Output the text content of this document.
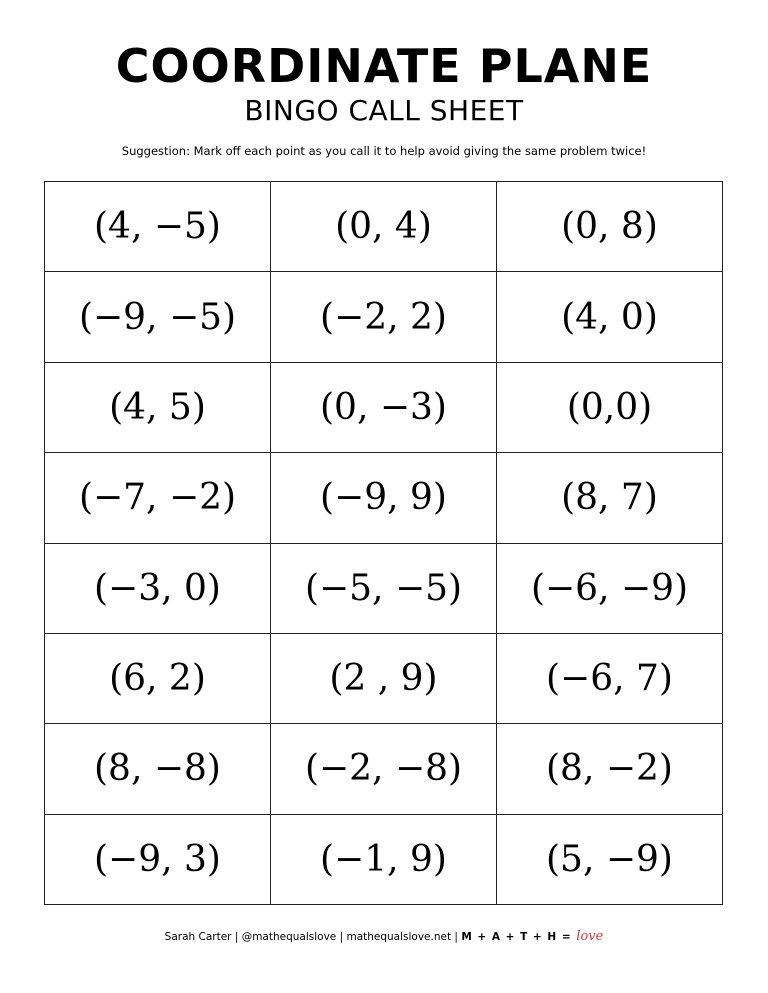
COORDINATE PLANE
BINGO CALL SHEET
Suggestion: Mark off each point as you call it to help avoid giving the same problem twice!
(4, −5)	(0, 4)	(0, 8)
(−9, −5)	(−2, 2)	(4, 0)
(4, 5)	(0, −3)	(0,0)
(−7, −2)	(−9, 9)	(8, 7)
(−3, 0)	(−5, −5)	(−6, −9)
(6, 2)	(2 , 9)	(−6, 7)
(8, −8)	(−2, −8)	(8, −2)
(−9, 3)	(−1, 9)	(5, −9)
Sarah Carter | @mathequalslove | mathequalslove.net | M + A + T + H = love
